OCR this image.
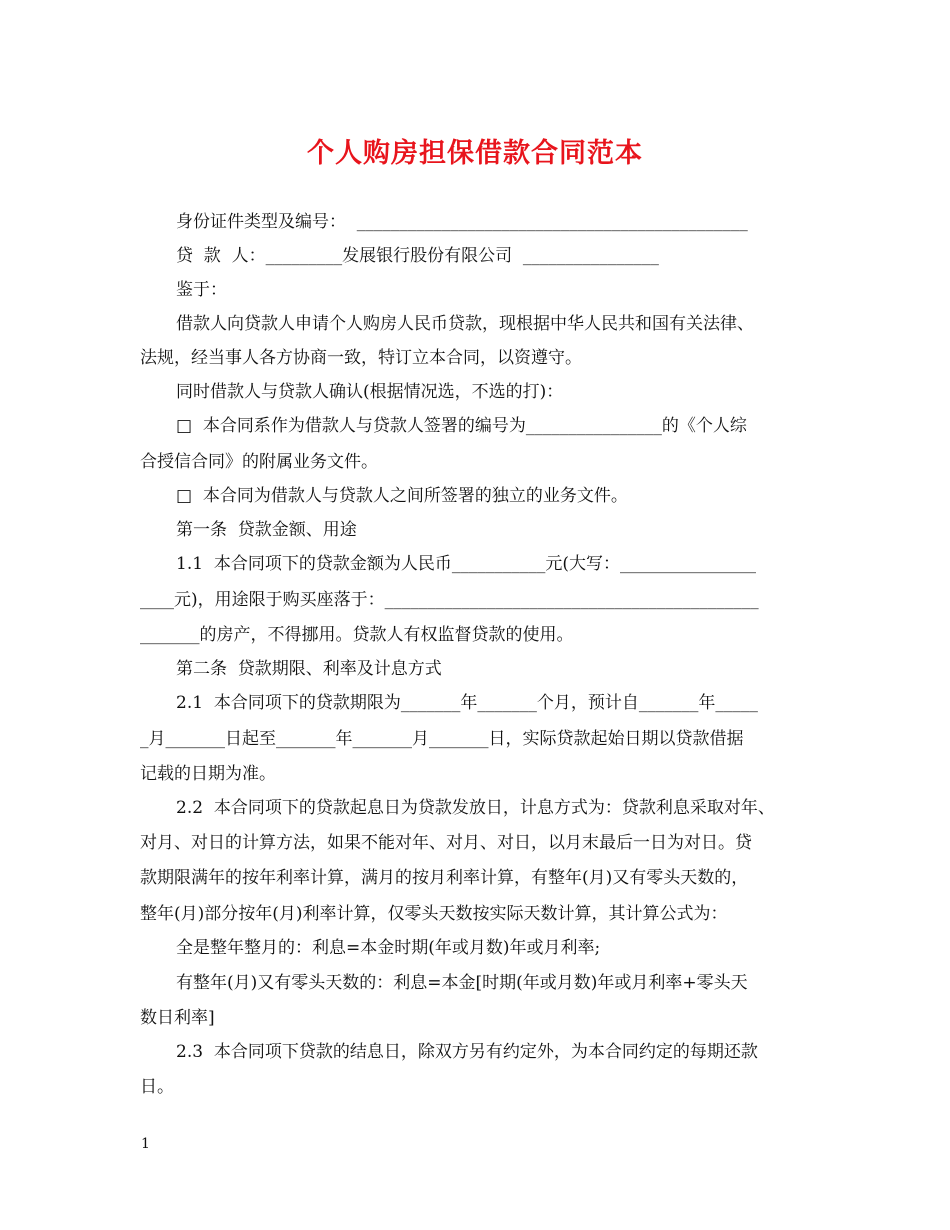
个人购房担保借款合同范本
身份证件类型及编号：  ______________________________________________
贷  款  人：_________发展银行股份有限公司  ________________
鉴于：
借款人向贷款人申请个人购房人民币贷款，现根据中华人民共和国有关法律、
法规，经当事人各方协商一致，特订立本合同，以资遵守。
同时借款人与贷款人确认(根据情况选，不选的打)：
□  本合同系作为借款人与贷款人签署的编号为________________的《个人综
合授信合同》的附属业务文件。
□  本合同为借款人与贷款人之间所签署的独立的业务文件。
第一条  贷款金额、用途
1.1  本合同项下的贷款金额为人民币___________元(大写：________________
____元)，用途限于购买座落于：____________________________________________
_______的房产，不得挪用。贷款人有权监督贷款的使用。
第二条  贷款期限、利率及计息方式
2.1  本合同项下的贷款期限为_______年_______个月，预计自_______年_____
_月_______日起至_______年_______月_______日，实际贷款起始日期以贷款借据
记载的日期为准。
2.2  本合同项下的贷款起息日为贷款发放日，计息方式为：贷款利息采取对年、
对月、对日的计算方法，如果不能对年、对月、对日，以月末最后一日为对日。贷
款期限满年的按年利率计算，满月的按月利率计算，有整年(月)又有零头天数的，
整年(月)部分按年(月)利率计算，仅零头天数按实际天数计算，其计算公式为：
全是整年整月的：利息=本金时期(年或月数)年或月利率;
有整年(月)又有零头天数的：利息=本金[时期(年或月数)年或月利率+零头天
数日利率]
2.3  本合同项下贷款的结息日，除双方另有约定外，为本合同约定的每期还款
日。
1
